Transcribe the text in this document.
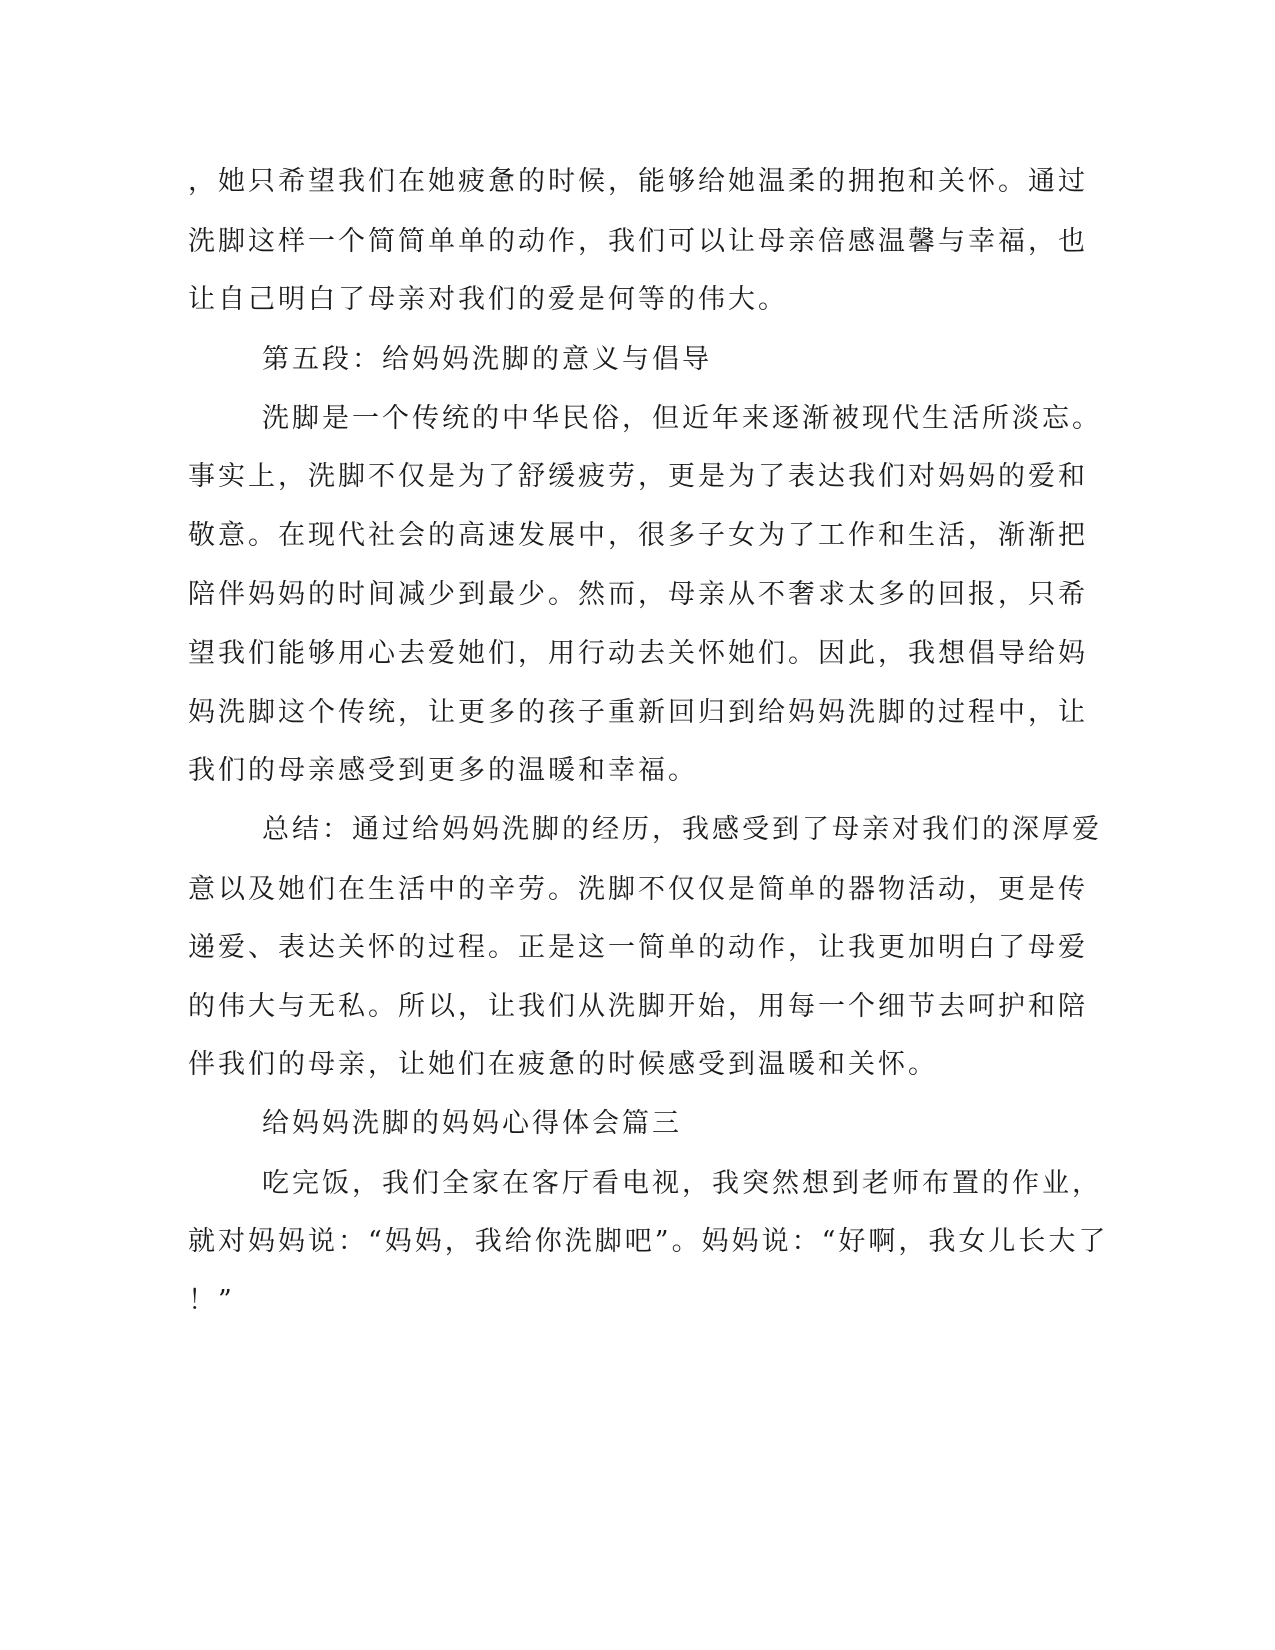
，她只希望我们在她疲惫的时候，能够给她温柔的拥抱和关怀。通过

洗脚这样一个简简单单的动作，我们可以让母亲倍感温馨与幸福，也

让自己明白了母亲对我们的爱是何等的伟大。

第五段：给妈妈洗脚的意义与倡导

洗脚是一个传统的中华民俗，但近年来逐渐被现代生活所淡忘。

事实上，洗脚不仅是为了舒缓疲劳，更是为了表达我们对妈妈的爱和

敬意。在现代社会的高速发展中，很多子女为了工作和生活，渐渐把

陪伴妈妈的时间减少到最少。然而，母亲从不奢求太多的回报，只希

望我们能够用心去爱她们，用行动去关怀她们。因此，我想倡导给妈

妈洗脚这个传统，让更多的孩子重新回归到给妈妈洗脚的过程中，让

我们的母亲感受到更多的温暖和幸福。

总结：通过给妈妈洗脚的经历，我感受到了母亲对我们的深厚爱

意以及她们在生活中的辛劳。洗脚不仅仅是简单的器物活动，更是传

递爱、表达关怀的过程。正是这一简单的动作，让我更加明白了母爱

的伟大与无私。所以，让我们从洗脚开始，用每一个细节去呵护和陪

伴我们的母亲，让她们在疲惫的时候感受到温暖和关怀。

给妈妈洗脚的妈妈心得体会篇三

吃完饭，我们全家在客厅看电视，我突然想到老师布置的作业，

就对妈妈说：“妈妈，我给你洗脚吧”。妈妈说：“好啊，我女儿长大了

！”
